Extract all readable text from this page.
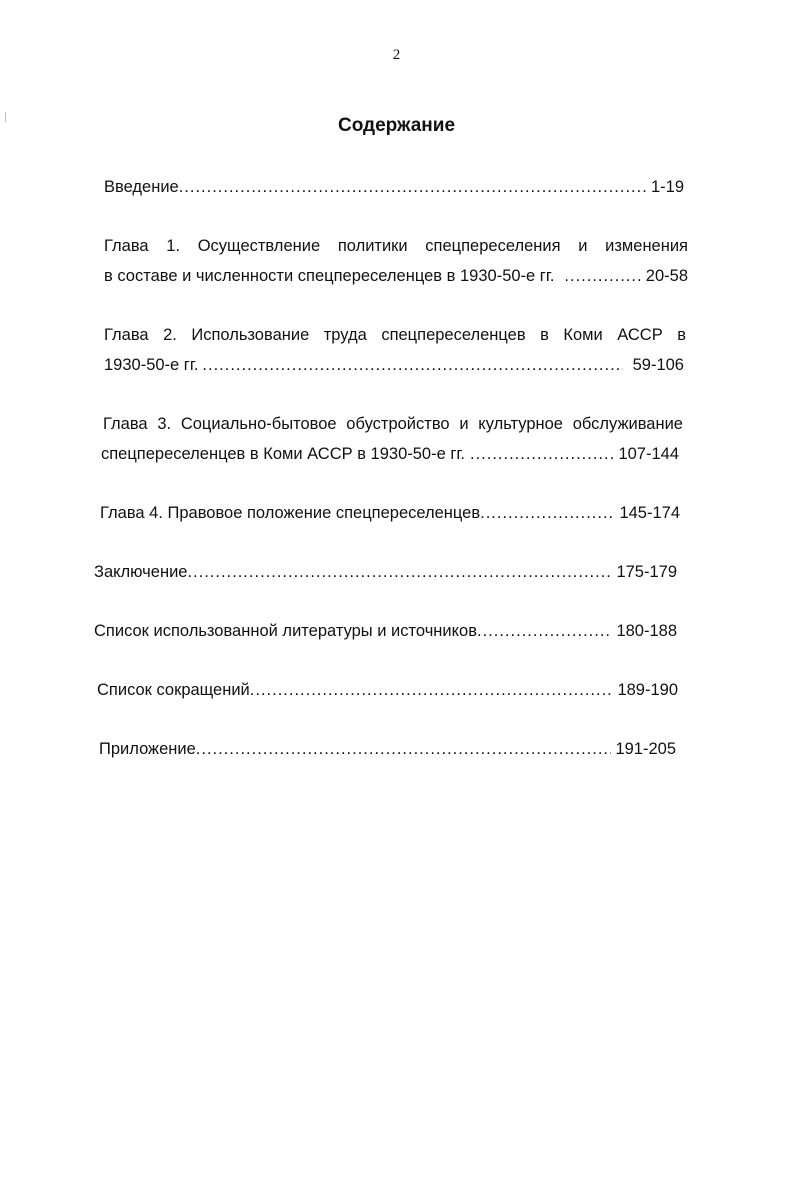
2
Содержание
Введение .....	1-19
Глава 1. Осуществление политики спецпереселения и изменения
в составе и численности спецпереселенцев в 1930-50-е гг. .....	20-58
Глава 2. Использование труда спецпереселенцев в Коми АССР в
1930-50-е гг. .....	59-106
Глава 3. Социально-бытовое обустройство и культурное обслуживание
спецпереселенцев в Коми АССР в 1930-50-е гг. .....	107-144
Глава 4. Правовое положение спецпереселенцев .....	145-174
Заключение .....	175-179
Список использованной литературы и источников .....	180-188
Список сокращений .....	189-190
Приложение .....	191-205
